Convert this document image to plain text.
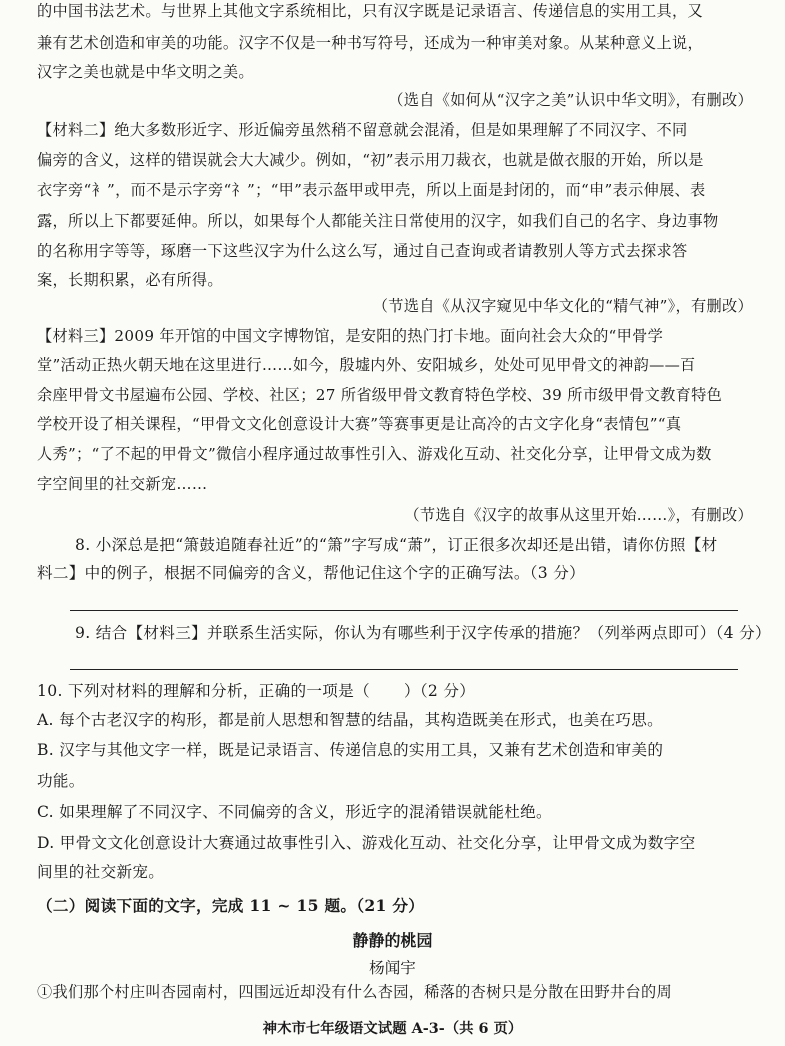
的中国书法艺术。与世界上其他文字系统相比，只有汉字既是记录语言、传递信息的实用工具，又
兼有艺术创造和审美的功能。汉字不仅是一种书写符号，还成为一种审美对象。从某种意义上说，
汉字之美也就是中华文明之美。
（选自《如何从“汉字之美”认识中华文明》，有删改）
【材料二】绝大多数形近字、形近偏旁虽然稍不留意就会混淆，但是如果理解了不同汉字、不同
偏旁的含义，这样的错误就会大大减少。例如，“初”表示用刀裁衣，也就是做衣服的开始，所以是
衣字旁“衤”，而不是示字旁“礻”；“甲”表示盔甲或甲壳，所以上面是封闭的，而“申”表示伸展、表
露，所以上下都要延伸。所以，如果每个人都能关注日常使用的汉字，如我们自己的名字、身边事物
的名称用字等等，琢磨一下这些汉字为什么这么写，通过自己查询或者请教别人等方式去探求答
案，长期积累，必有所得。
（节选自《从汉字窥见中华文化的“精气神”》，有删改）
【材料三】2009 年开馆的中国文字博物馆，是安阳的热门打卡地。面向社会大众的“甲骨学
堂”活动正热火朝天地在这里进行……如今，殷墟内外、安阳城乡，处处可见甲骨文的神韵——百
余座甲骨文书屋遍布公园、学校、社区；27 所省级甲骨文教育特色学校、39 所市级甲骨文教育特色
学校开设了相关课程，“甲骨文文化创意设计大赛”等赛事更是让高冷的古文字化身“表情包”“真
人秀”；“了不起的甲骨文”微信小程序通过故事性引入、游戏化互动、社交化分享，让甲骨文成为数
字空间里的社交新宠……
（节选自《汉字的故事从这里开始……》，有删改）
8. 小深总是把“箫鼓追随春社近”的“箫”字写成“萧”，订正很多次却还是出错，请你仿照【材
料二】中的例子，根据不同偏旁的含义，帮他记住这个字的正确写法。（3 分）
9. 结合【材料三】并联系生活实际，你认为有哪些利于汉字传承的措施？（列举两点即可）（4 分）
10. 下列对材料的理解和分析，正确的一项是（ ）（2 分）
A. 每个古老汉字的构形，都是前人思想和智慧的结晶，其构造既美在形式，也美在巧思。
B. 汉字与其他文字一样，既是记录语言、传递信息的实用工具，又兼有艺术创造和审美的
功能。
C. 如果理解了不同汉字、不同偏旁的含义，形近字的混淆错误就能杜绝。
D. 甲骨文文化创意设计大赛通过故事性引入、游戏化互动、社交化分享，让甲骨文成为数字空
间里的社交新宠。
（二）阅读下面的文字，完成 11 ~ 15 题。（21 分）
静静的桃园
杨闻宇
①我们那个村庄叫杏园南村，四围远近却没有什么杏园，稀落的杏树只是分散在田野井台的周
神木市七年级语文试题 A-3-（共 6 页）
